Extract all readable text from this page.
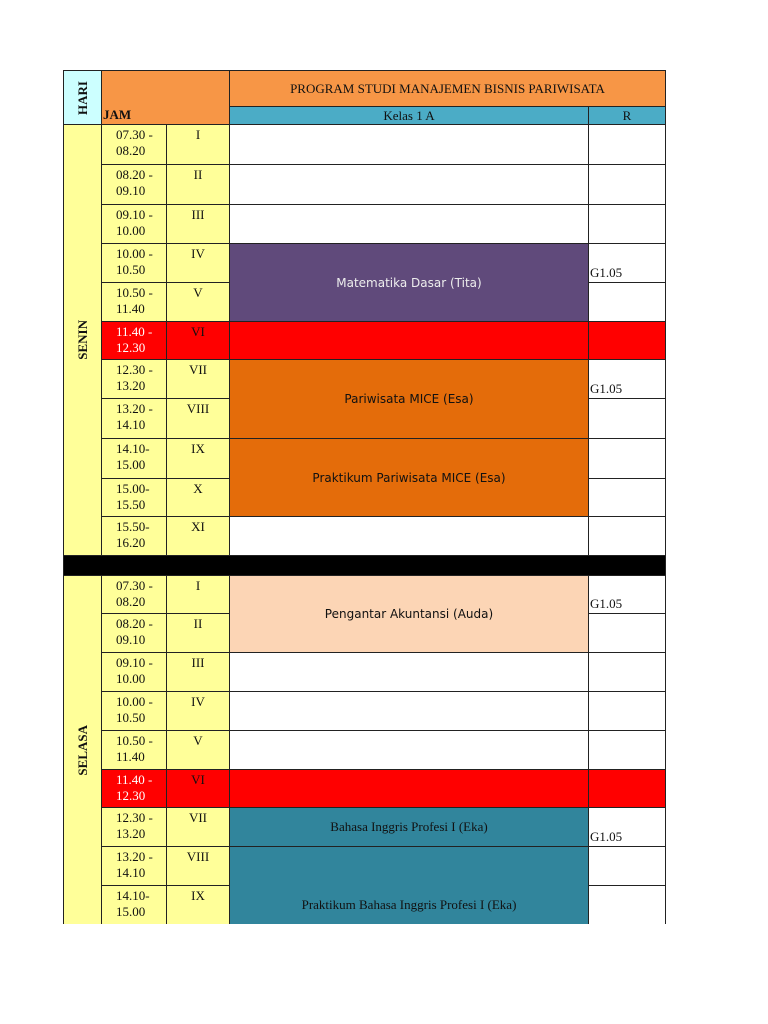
HARI
JAM
PROGRAM STUDI MANAJEMEN BISNIS PARIWISATA
Kelas 1 A	R
SENIN
07.30 - 08.20
I
08.20 - 09.10
II
09.10 - 10.00
III
10.00 - 10.50
IV
G1.05
10.50 - 11.40
V
11.40 - 12.30
VI
12.30 - 13.20
VII
G1.05
13.20 - 14.10
VIII
14.10- 15.00
IX
15.00- 15.50
X
15.50- 16.20
XI
Matematika Dasar (Tita)
Pariwisata MICE (Esa)
Praktikum Pariwisata MICE (Esa)
SELASA
07.30 - 08.20
I
G1.05
08.20 - 09.10
II
09.10 - 10.00
III
10.00 - 10.50
IV
10.50 - 11.40
V
11.40 - 12.30
VI
12.30 - 13.20
VII
G1.05
13.20 - 14.10
VIII
14.10- 15.00
IX
Pengantar Akuntansi (Auda)
Bahasa Inggris Profesi I (Eka)
Praktikum Bahasa Inggris Profesi I (Eka)
